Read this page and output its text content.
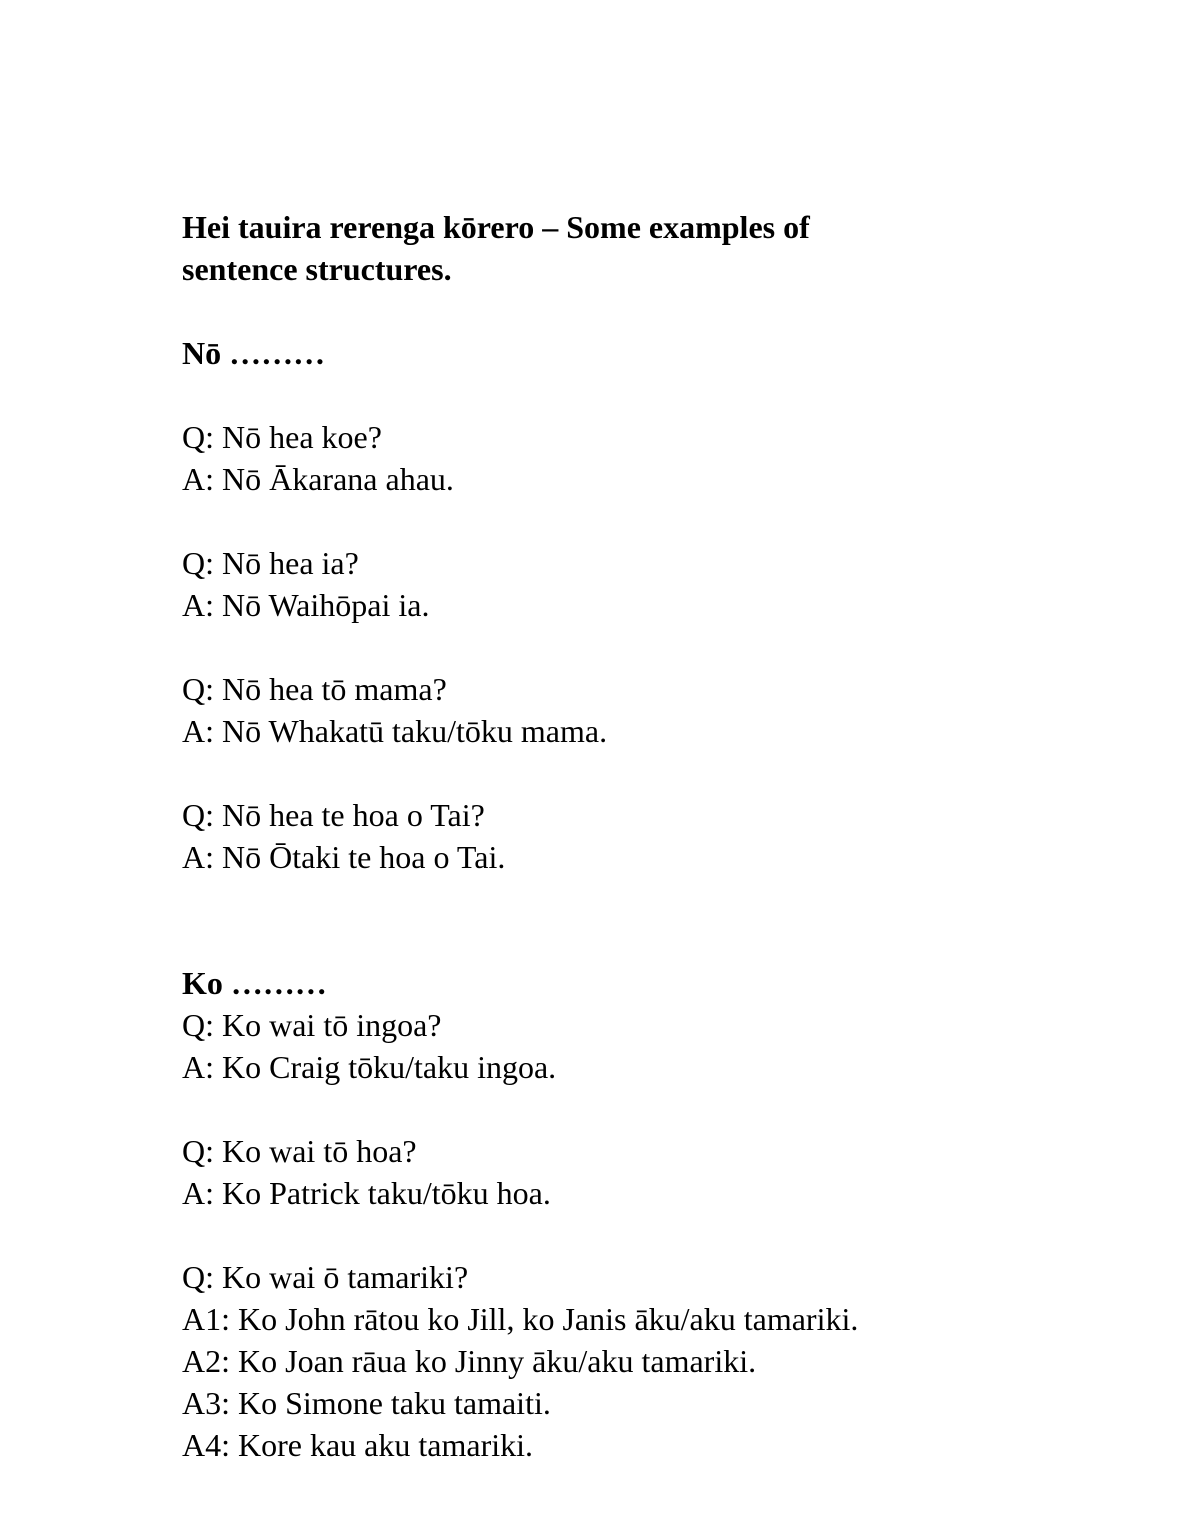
Hei tauira rerenga kōrero – Some examples of

sentence structures.

Nō ………

Q: Nō hea koe?

A: Nō Ākarana ahau.

Q: Nō hea ia?

A: Nō Waihōpai ia.

Q: Nō hea tō mama?

A: Nō Whakatū taku/tōku mama.

Q: Nō hea te hoa o Tai?

A: Nō Ōtaki te hoa o Tai.

Ko ………

Q: Ko wai tō ingoa?

A: Ko Craig tōku/taku ingoa.

Q: Ko wai tō hoa?

A: Ko Patrick taku/tōku hoa.

Q: Ko wai ō tamariki?

A1: Ko John rātou ko Jill, ko Janis āku/aku tamariki.

A2: Ko Joan rāua ko Jinny āku/aku tamariki.

A3: Ko Simone taku tamaiti.

A4: Kore kau aku tamariki.
